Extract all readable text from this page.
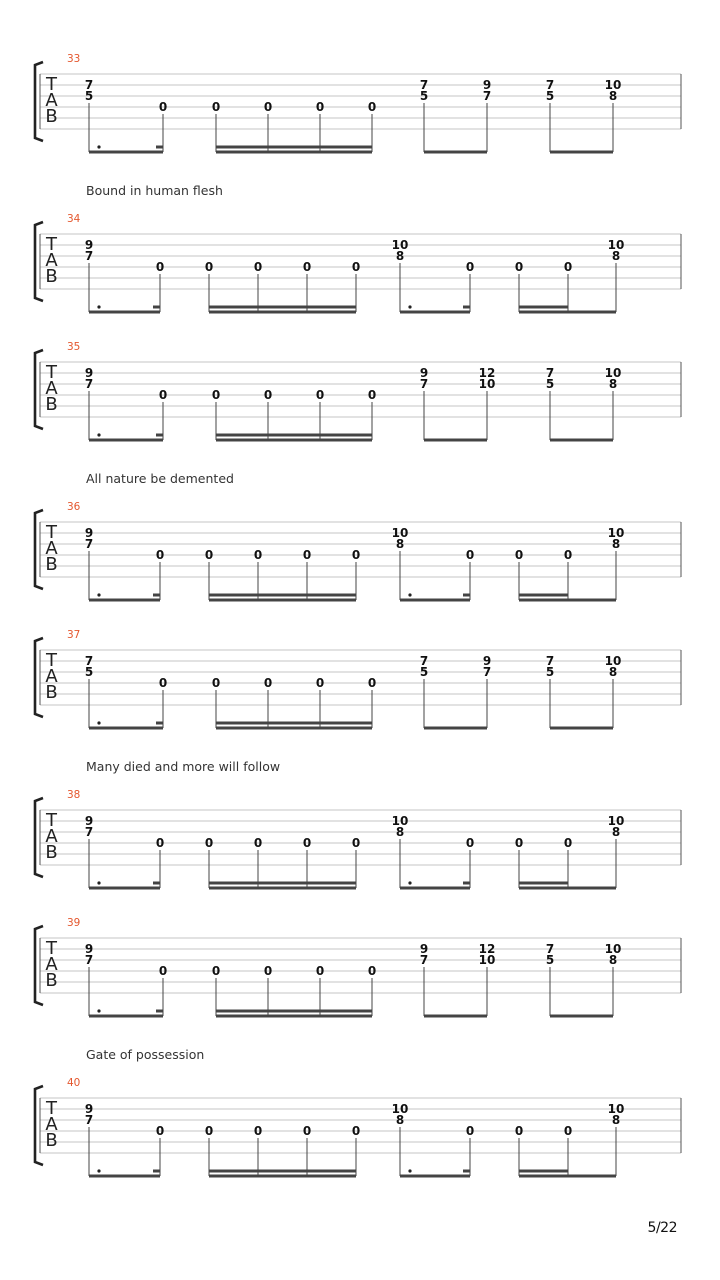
33
T
A
B
7
5
0	0	0	0	0
7
5
9
7
7
5
10
8
34
Bound in human flesh
T
A
B
9
7
0	0	0	0	0
10
8
0	0	0
10
8
35
T
A
B
9
7
0	0	0	0	0
9
7
12
10
7
5
10
8
36
All nature be demented
T
A
B
9
7
0	0	0	0	0
10
8
0	0	0
10
8
37
T
A
B
7
5
0	0	0	0	0
7
5
9
7
7
5
10
8
38
Many died and more will follow
T
A
B
9
7
0	0	0	0	0
10
8
0	0	0
10
8
39
T
A
B
9
7
0	0	0	0	0
9
7
12
10
7
5
10
8
40
Gate of possession
T
A
B
9
7
0	0	0	0	0
10
8
0	0	0
10
8
5/22
